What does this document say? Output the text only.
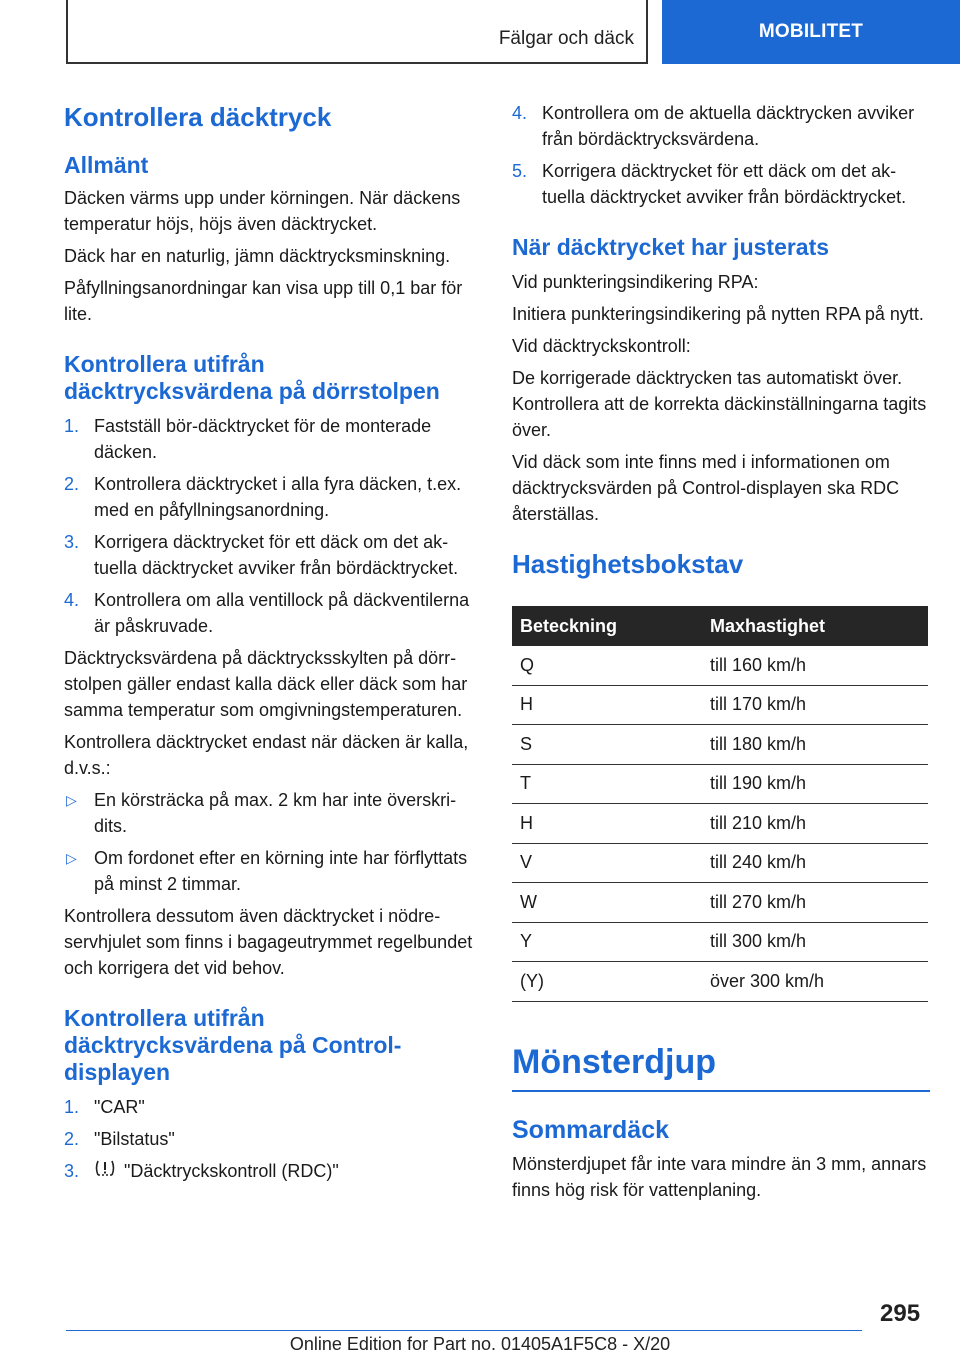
Fälgar och däck	MOBILITET
Kontrollera däcktryck
Allmänt

Däcken värms upp under körningen. När däckens temperatur höjs, höjs även däcktrycket.

Däck har en naturlig, jämn däcktrycksminskning.

Påfyllningsanordningar kan visa upp till 0,1 bar för lite.

Kontrollera utifrån däcktrycksvärdena på dörrstolpen
1. Fastställ bör-däcktrycket för de monterade däcken.
2. Kontrollera däcktrycket i alla fyra däcken, t.ex. med en påfyllningsanordning.
3. Korrigera däcktrycket för ett däck om det aktuella däcktrycket avviker från bördäcktrycket.
4. Kontrollera om alla ventillock på däckventilerna är påskruvade.

Däcktrycksvärdena på däcktrycksskylten på dörrstolpen gäller endast kalla däck eller däck som har samma temperatur som omgivningstemperaturen.

Kontrollera däcktrycket endast när däcken är kalla, d.v.s.:

▷ En körsträcka på max. 2 km har inte överskridits.
▷ Om fordonet efter en körning inte har förflyttats på minst 2 timmar.

Kontrollera dessutom även däcktrycket i nödreservhjulet som finns i bagageutrymmet regelbundet och korrigera det vid behov.

Kontrollera utifrån däcktrycksvärdena på Control-displayen
1. "CAR"
2. "Bilstatus"
3. "Däcktryckskontroll (RDC)"
4. Kontrollera om de aktuella däcktrycken avviker från bördäcktrycksvärdena.
5. Korrigera däcktrycket för ett däck om det aktuella däcktrycket avviker från bördäcktrycket.
När däcktrycket har justerats

Vid punkteringsindikering RPA:

Initiera punkteringsindikering på nytten RPA på nytt.

Vid däcktryckskontroll:

De korrigerade däcktrycken tas automatiskt över. Kontrollera att de korrekta däckinställningarna tagits över.

Vid däck som inte finns med i informationen om däcktrycksvärden på Control-displayen ska RDC återställas.

Hastighetsbokstav
Beteckning	Maxhastighet
Q	till 160 km/h
H	till 170 km/h
S	till 180 km/h
T	till 190 km/h
H	till 210 km/h
V	till 240 km/h
W	till 270 km/h
Y	till 300 km/h
(Y)	över 300 km/h
Mönsterdjup
Sommardäck

Mönsterdjupet får inte vara mindre än 3 mm, annars finns hög risk för vattenplaning.

295
Online Edition for Part no. 01405A1F5C8 - X/20
